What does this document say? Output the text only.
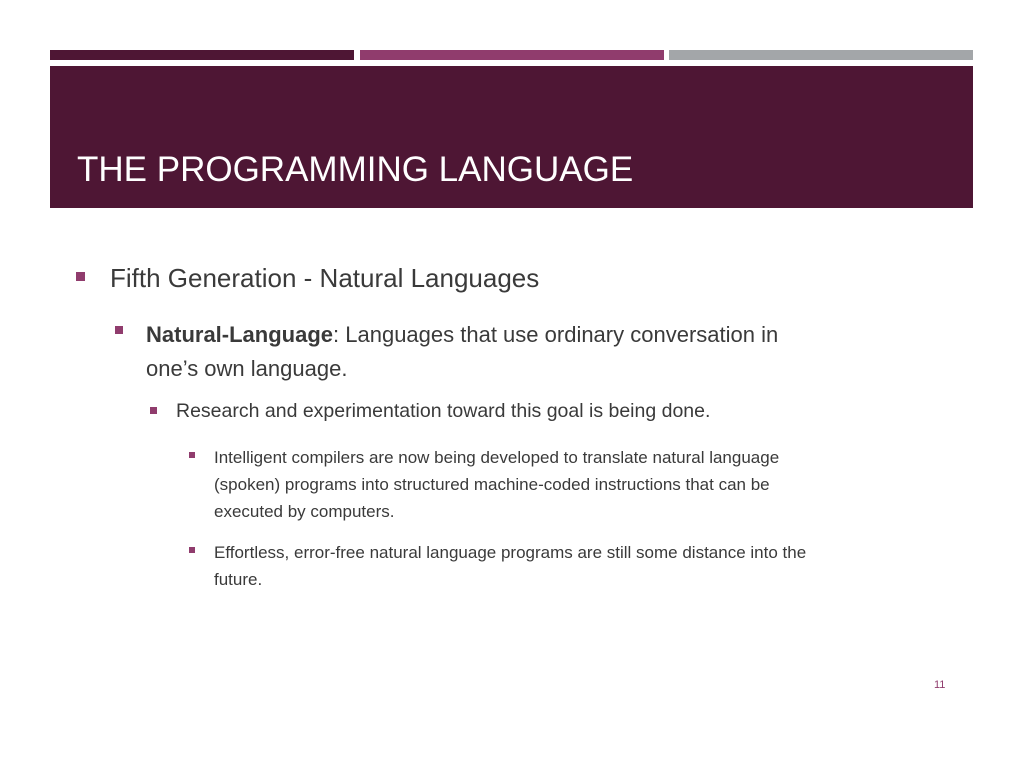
THE PROGRAMMING LANGUAGE
Fifth Generation - Natural Languages
Natural-Language: Languages that use ordinary conversation in
one’s own language.
Research and experimentation toward this goal is being done.
Intelligent compilers are now being developed to translate natural language
(spoken) programs into structured machine-coded instructions that can be
executed by computers.
Effortless, error-free natural language programs are still some distance into the
future.
11
